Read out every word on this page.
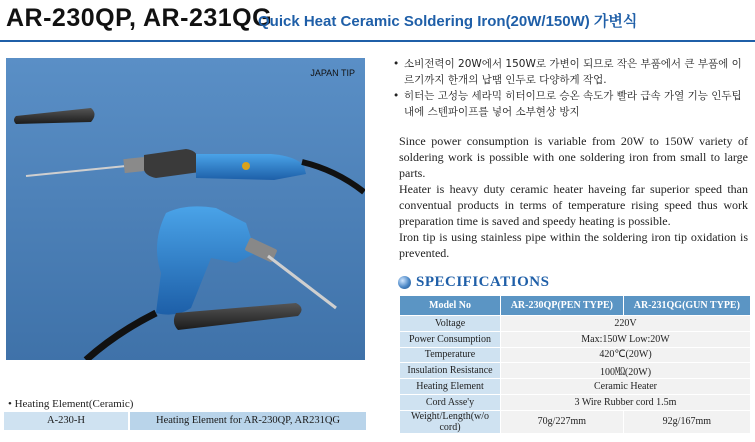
AR-230QP, AR-231QG
Quick Heat Ceramic Soldering Iron(20W/150W) 가변식
JAPAN TIP
• 소비전력이 20W에서 150W로 가변이 되므로 작은 부품에서 큰 부품에 이르기까지 한개의 납땜 인두로 다양하게 작업.
• 히터는 고성능 세라믹 히터이므로 승온 속도가 빨라 급속 가열 기능 인두팁내에 스텐파이프를 넣어 소부현상 방지

Since power consumption is variable from 20W to 150W variety of soldering work is possible with one soldering iron from small to large parts.

Heater is heavy duty ceramic heater haveing far superior speed than conventual products in terms of temperature rising speed thus work preparation time is saved and speedy heating is possible.

Iron tip is using stainless pipe within the soldering iron tip oxidation is prevented.

SPECIFICATIONS
Model No	AR-230QP(PEN TYPE)	AR-231QG(GUN TYPE)
Voltage	220V	
Power Consumption	Max:150W Low:20W	
Temperature	420℃(20W)	
Insulation Resistance	100㏁(20W)	
Heating Element	Ceramic Heater	
Cord Asse'y	3 Wire Rubber cord 1.5m	
Weight/Length(w/o cord)	70g/227mm	92g/167mm
• Heating Element(Ceramic)
A-230-H	Heating Element for AR-230QP, AR231QG
